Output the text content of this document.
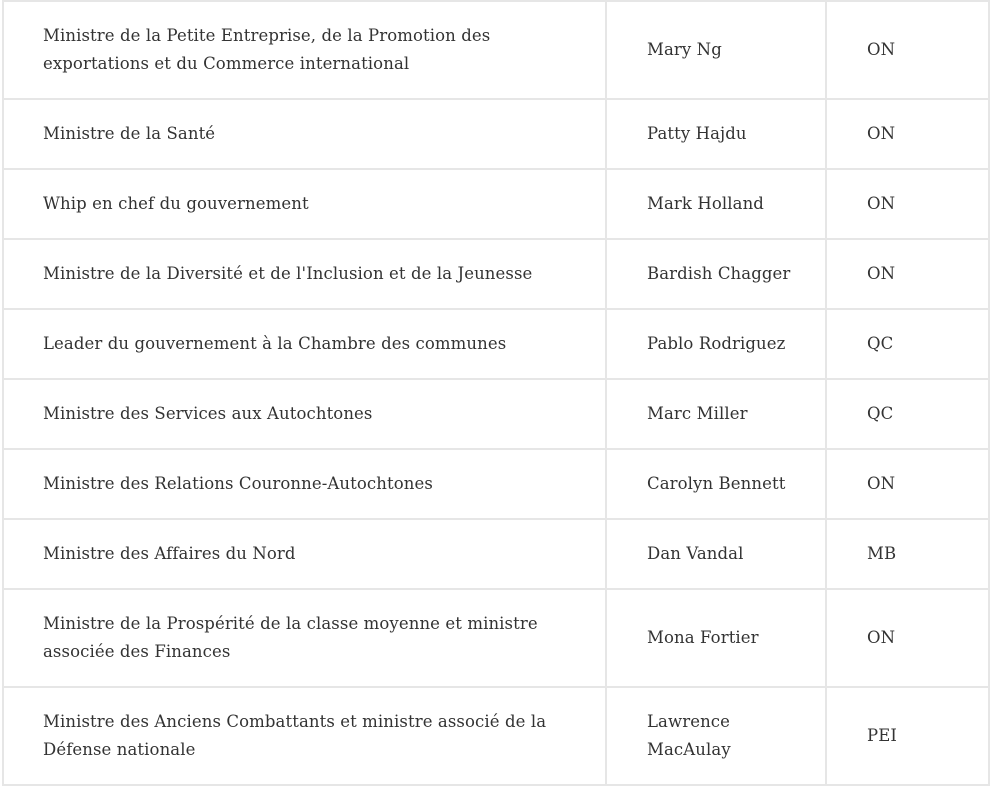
Ministre de la Petite Entreprise, de la Promotion des exportations et du Commerce international	Mary Ng	ON
Ministre de la Santé	Patty Hajdu	ON
Whip en chef du gouvernement	Mark Holland	ON
Ministre de la Diversité et de l'Inclusion et de la Jeunesse	Bardish Chagger	ON
Leader du gouvernement à la Chambre des communes	Pablo Rodriguez	QC
Ministre des Services aux Autochtones	Marc Miller	QC
Ministre des Relations Couronne-Autochtones	Carolyn Bennett	ON
Ministre des Affaires du Nord	Dan Vandal	MB
Ministre de la Prospérité de la classe moyenne et ministre associée des Finances	Mona Fortier	ON
Ministre des Anciens Combattants et ministre associé de la Défense nationale	Lawrence MacAulay	PEI
